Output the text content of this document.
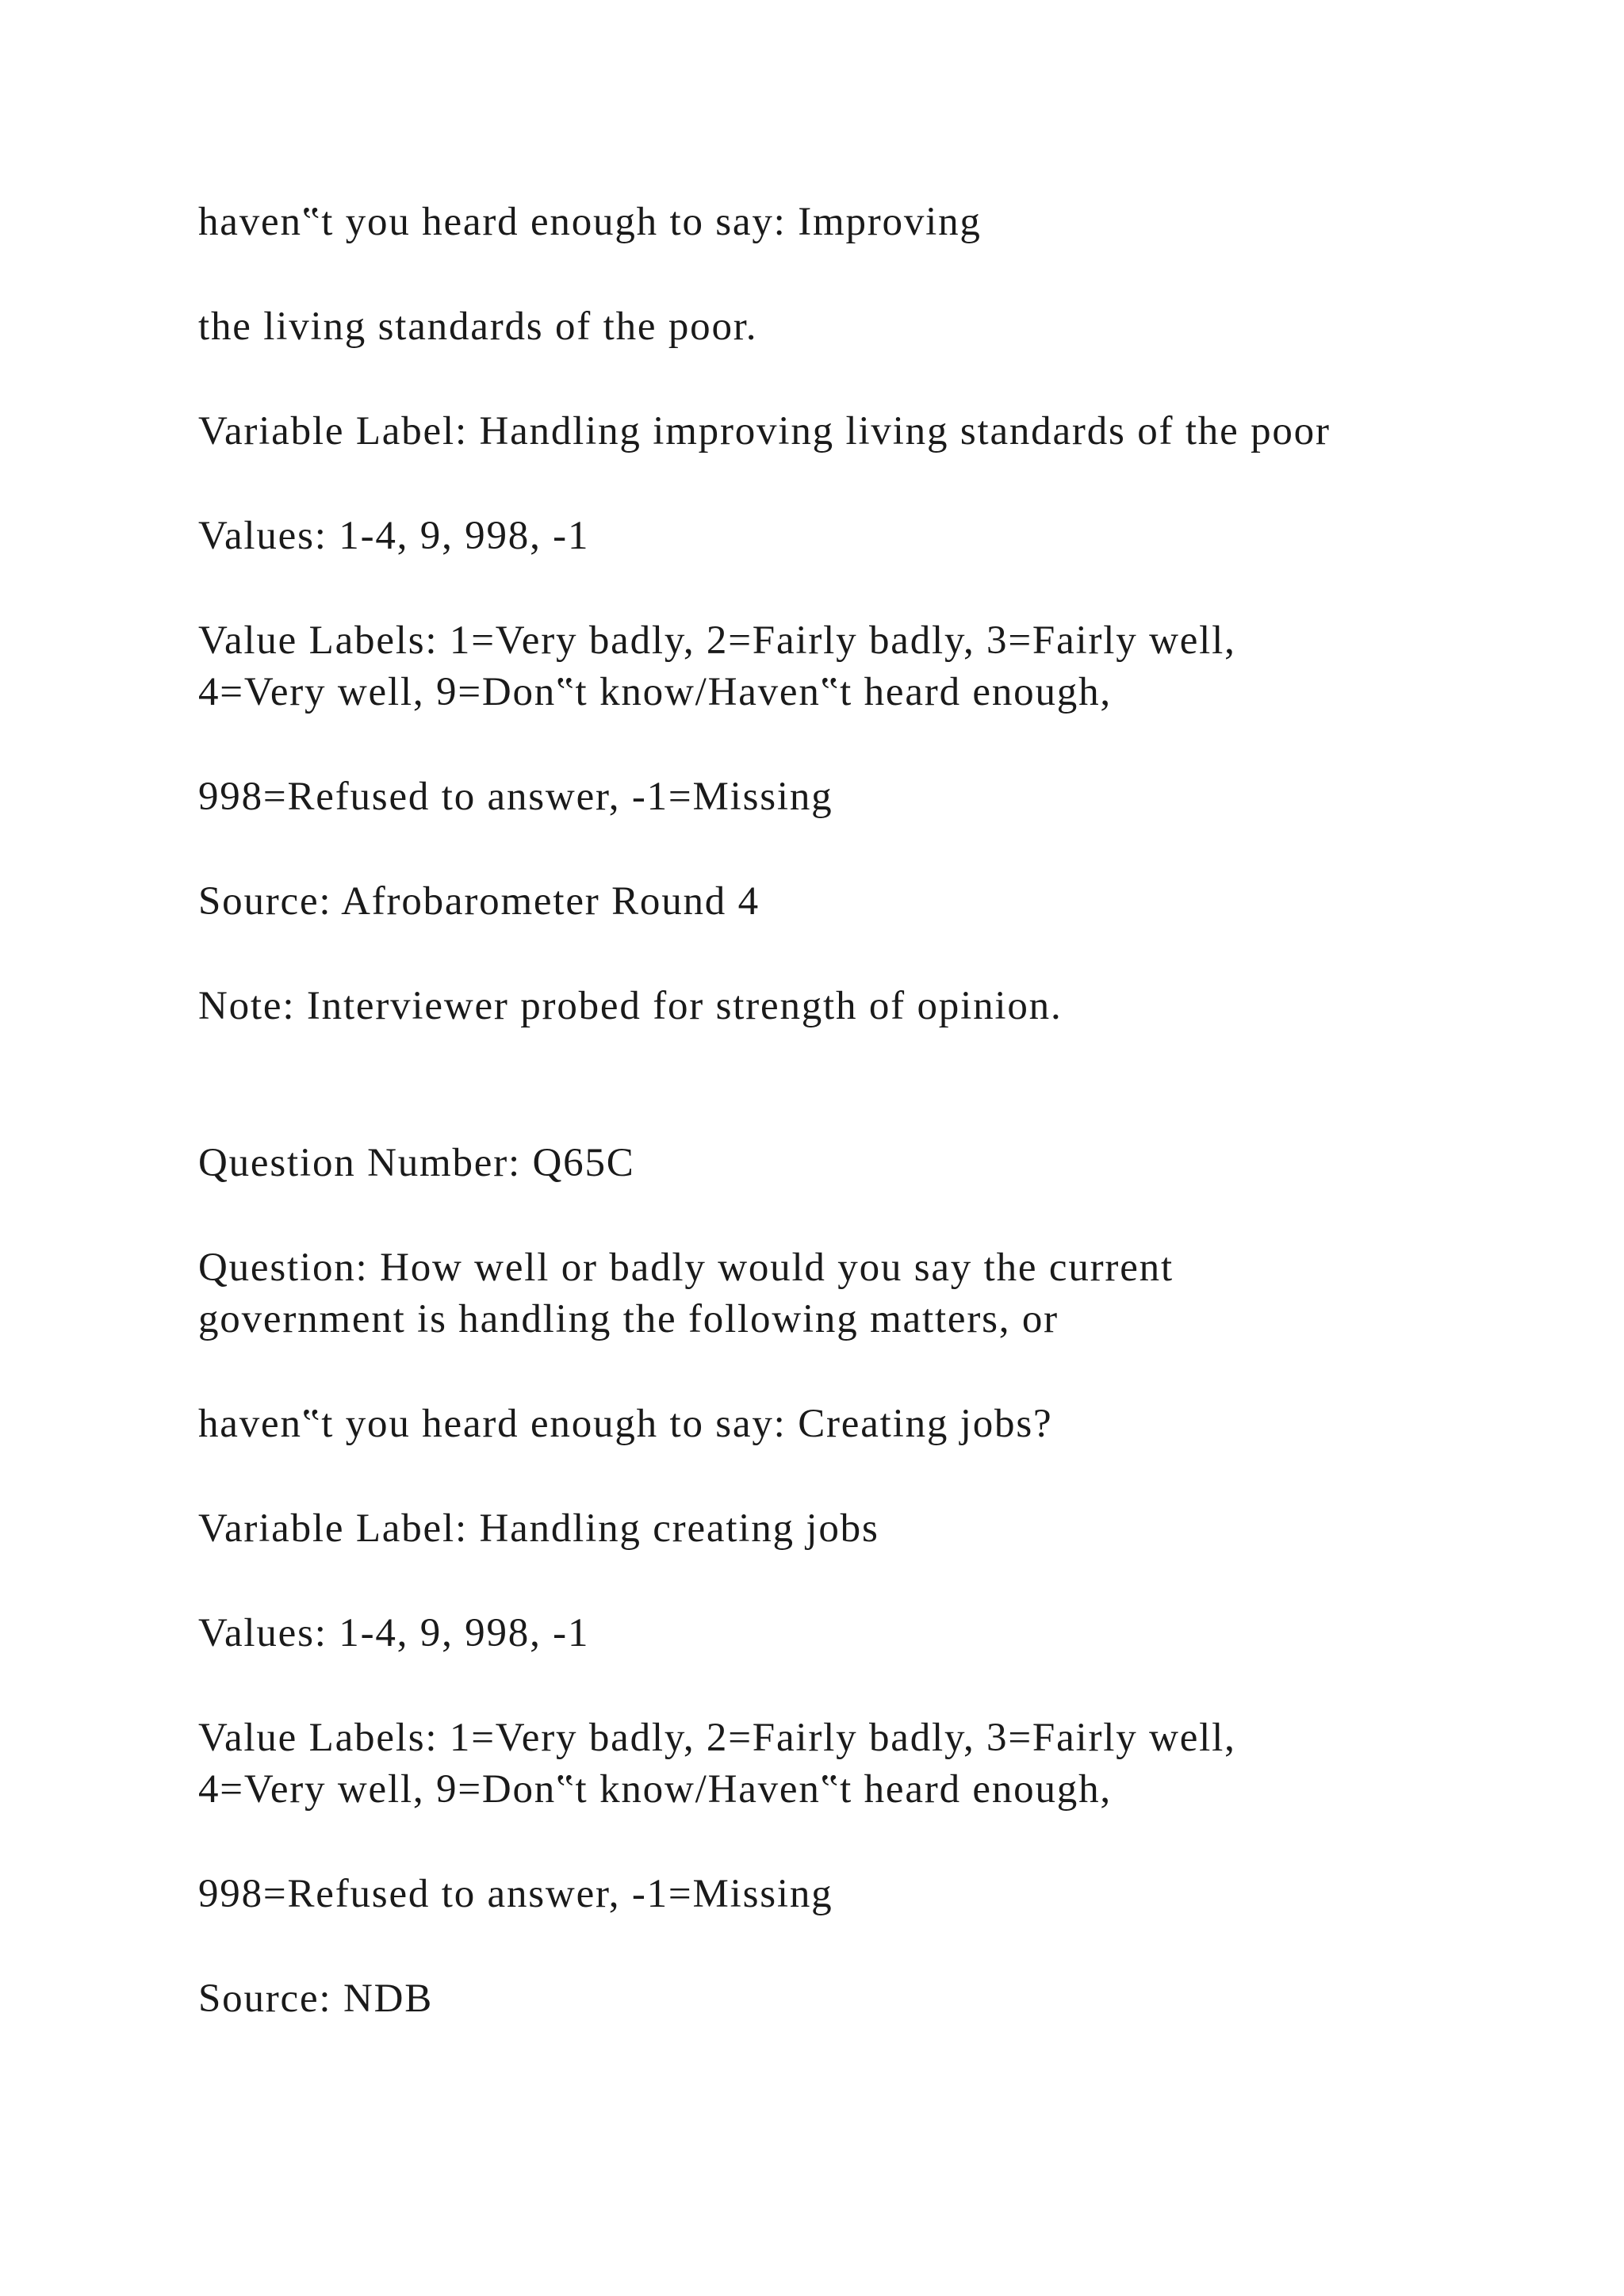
haven‟t you heard enough to say: Improving

the living standards of the poor.

Variable Label: Handling improving living standards of the poor

Values: 1-4, 9, 998, -1

Value Labels: 1=Very badly, 2=Fairly badly, 3=Fairly well,

4=Very well, 9=Don‟t know/Haven‟t heard enough,

998=Refused to answer, -1=Missing

Source: Afrobarometer Round 4

Note: Interviewer probed for strength of opinion.

Question Number: Q65C

Question: How well or badly would you say the current

government is handling the following matters, or

haven‟t you heard enough to say: Creating jobs?

Variable Label: Handling creating jobs

Values: 1-4, 9, 998, -1

Value Labels: 1=Very badly, 2=Fairly badly, 3=Fairly well,

4=Very well, 9=Don‟t know/Haven‟t heard enough,

998=Refused to answer, -1=Missing

Source: NDB
